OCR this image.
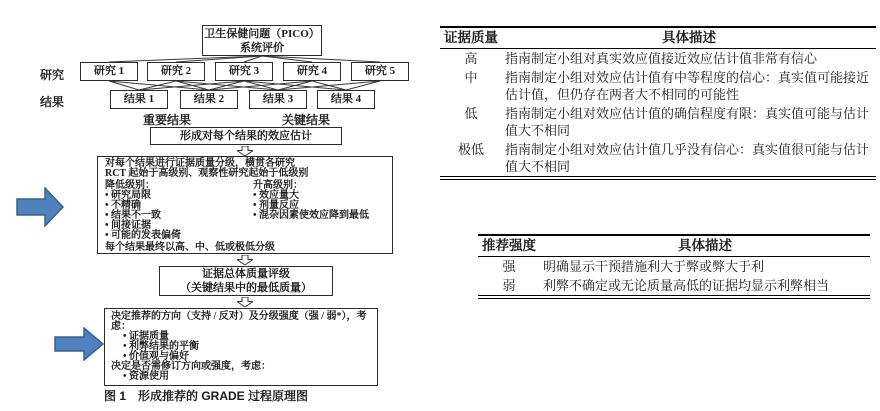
卫生保健问题（PICO）
系统评价
研究
结果
研究 1	研究 2	研究 3	研究 4	研究 5
结果 1	结果 2	结果 3	结果 4
重要结果	关键结果
形成对每个结果的效应估计
对每个结果进行证据质量分级，横贯各研究
RCT 起始于高级别、观察性研究起始于低级别
降低级别：
• 研究局限
• 不精确
• 结果不一致
• 间接证据
• 可能的发表偏倚
升高级别：
• 效应量大
• 剂量反应
• 混杂因素使效应降到最低
每个结果最终以高、中、低或极低分级
证据总体质量评级
（关键结果中的最低质量）
决定推荐的方向（支持 / 反对）及分级强度（强 / 弱*），考虑：
• 证据质量
• 利弊结果的平衡
• 价值观与偏好
决定是否需修订方向或强度，考虑：
• 资源使用
图 1　形成推荐的 GRADE 过程原理图
证据质量	具体描述
高	指南制定小组对真实效应值接近效应估计值非常有信心
中	指南制定小组对效应估计值有中等程度的信心：真实值可能接近估计值，但仍存在两者大不相同的可能性
低	指南制定小组对效应估计值的确信程度有限：真实值可能与估计值大不相同
极低	指南制定小组对效应估计值几乎没有信心：真实值很可能与估计值大不相同
推荐强度	具体描述
强	明确显示干预措施利大于弊或弊大于利
弱	利弊不确定或无论质量高低的证据均显示利弊相当
